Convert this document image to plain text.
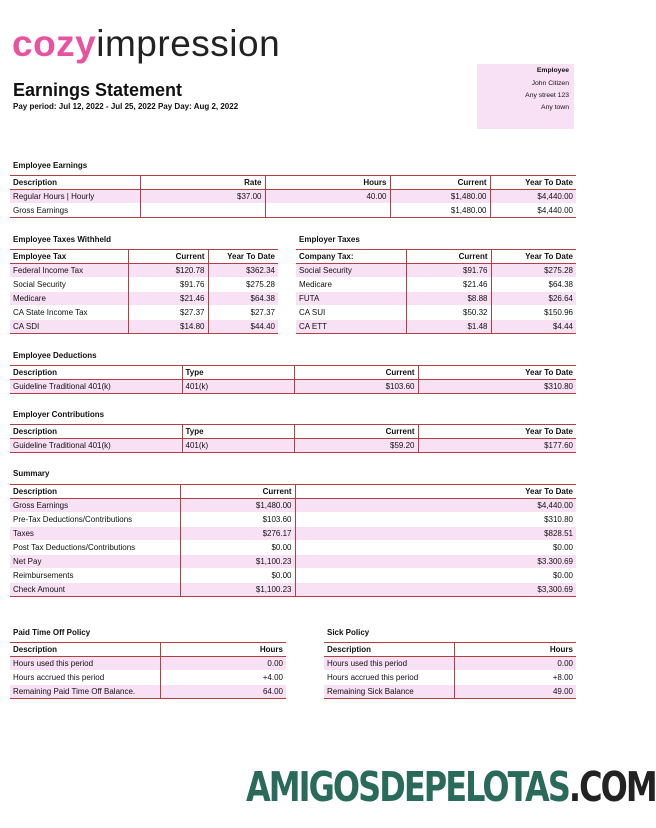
cozyimpression
Earnings Statement
Pay period: Jul 12, 2022 - Jul 25, 2022 Pay Day: Aug 2, 2022
Employee
John Citizen
Any street 123
Any town
Employee Earnings
Description	Rate	Hours	Current	Year To Date
Regular Hours | Hourly	$37.00	40.00	$1,480.00	$4,440.00
Gross Earnings			$1,480.00	$4,440.00
Employee Taxes Withheld
Employee Tax	Current	Year To Date
Federal Income Tax	$120.78	$362.34
Social Security	$91.76	$275.28
Medicare	$21.46	$64.38
CA State Income Tax	$27.37	$27.37
CA SDI	$14.80	$44.40
Employer Taxes
Company Tax:	Current	Year To Date
Social Security	$91.76	$275.28
Medicare	$21.46	$64.38
FUTA	$8.88	$26.64
CA SUI	$50.32	$150.96
CA ETT	$1.48	$4.44
Employee Deductions
Description	Type	Current	Year To Date
Guideline Traditional 401(k)	401(k)	$103.60	$310.80
Employer Contributions
Description	Type	Current	Year To Date
Guideline Traditional 401(k)	401(k)	$59.20	$177.60
Summary
Description	Current	Year To Date
Gross Earnings	$1,480.00	$4,440.00
Pre-Tax Deductions/Contributions	$103.60	$310.80
Taxes	$276.17	$828.51
Post Tax Deductions/Contributions	$0.00	$0.00
Net Pay	$1,100.23	$3.300.69
Reimbursements	$0.00	$0.00
Check Amount	$1,100.23	$3,300.69
Paid Time Off Policy
Description	Hours
Hours used this period	0.00
Hours accrued this period	+4.00
Remaining Paid Time Off Balance.	64.00
Sick Policy
Description	Hours
Hours used this period	0.00
Hours accrued this period	+8.00
Remaining Sick Balance	49.00
AMIGOSDEPELOTAS.COM
